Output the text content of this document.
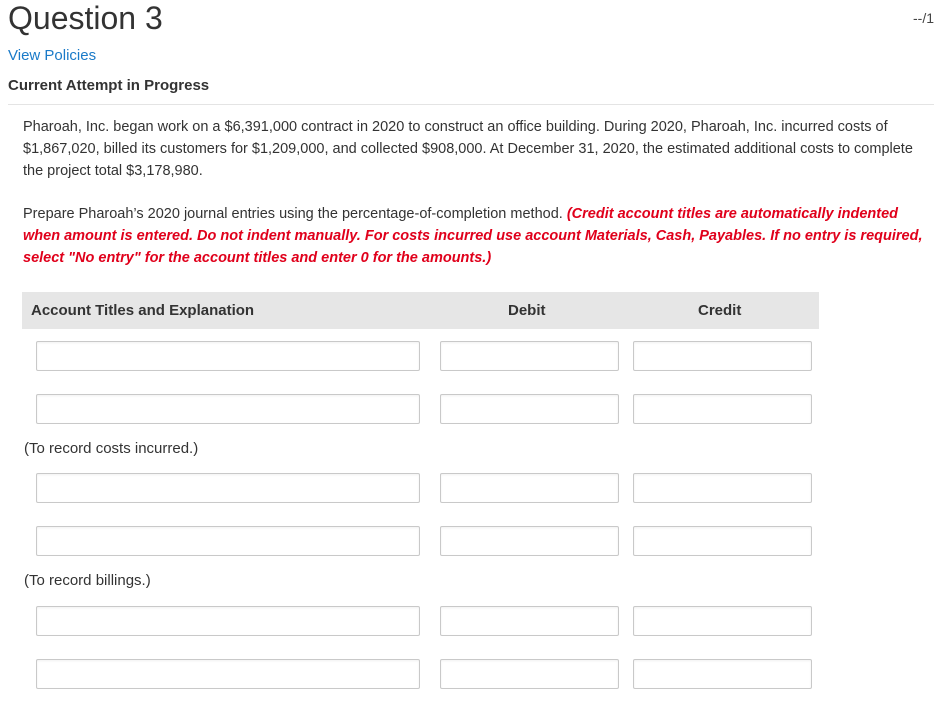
Question 3	--/1
View Policies
Current Attempt in Progress
Pharoah, Inc. began work on a $6,391,000 contract in 2020 to construct an office building. During 2020, Pharoah, Inc. incurred costs of $1,867,020, billed its customers for $1,209,000, and collected $908,000. At December 31, 2020, the estimated additional costs to complete the project total $3,178,980.
Prepare Pharoah’s 2020 journal entries using the percentage-of-completion method. (Credit account titles are automatically indented when amount is entered. Do not indent manually. For costs incurred use account Materials, Cash, Payables. If no entry is required, select "No entry" for the account titles and enter 0 for the amounts.)
Account Titles and Explanation	Debit	Credit
(To record costs incurred.)
(To record billings.)
